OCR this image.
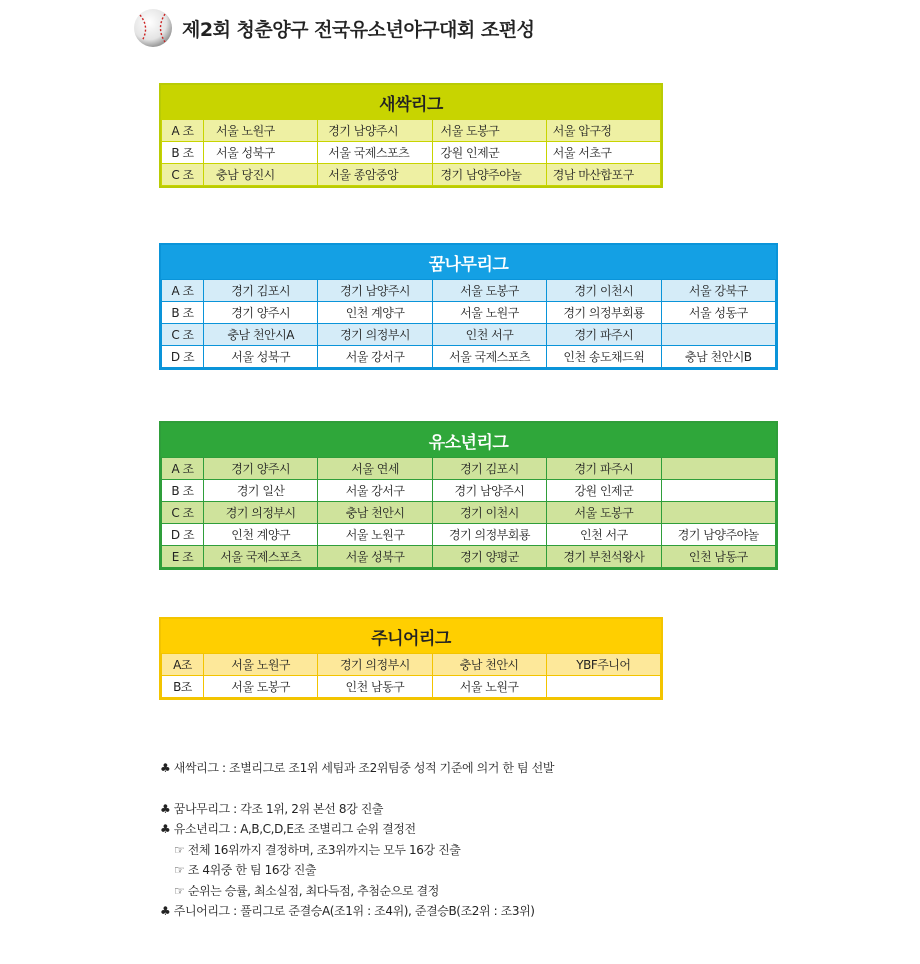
제2회 청춘양구 전국유소년야구대회 조편성
새싹리그
A 조	서울 노원구	경기 남양주시	서울 도봉구	서울 압구정
B 조	서울 성북구	서울 국제스포츠	강원 인제군	서울 서초구
C 조	충남 당진시	서울 종암중앙	경기 남양주야놀	경남 마산합포구
꿈나무리그
A 조	경기 김포시	경기 남양주시	서울 도봉구	경기 이천시	서울 강북구
B 조	경기 양주시	인천 계양구	서울 노원구	경기 의정부회룡	서울 성동구
C 조	충남 천안시A	경기 의정부시	인천 서구	경기 파주시	
D 조	서울 성북구	서울 강서구	서울 국제스포츠	인천 송도채드윅	충남 천안시B
유소년리그
A 조	경기 양주시	서울 연세	경기 김포시	경기 파주시	
B 조	경기 일산	서울 강서구	경기 남양주시	강원 인제군	
C 조	경기 의정부시	충남 천안시	경기 이천시	서울 도봉구	
D 조	인천 계양구	서울 노원구	경기 의정부회룡	인천 서구	경기 남양주야놀
E 조	서울 국제스포츠	서울 성북구	경기 양평군	경기 부천석왕사	인천 남동구
주니어리그
A조	서울 노원구	경기 의정부시	충남 천안시	YBF주니어
B조	서울 도봉구	인천 남동구	서울 노원구	
♣ 새싹리그 : 조별리그로 조1위 세팀과 조2위팀중 성적 기준에 의거 한 팀 선발
♣ 꿈나무리그 : 각조 1위, 2위 본선 8강 진출
♣ 유소년리그 : A,B,C,D,E조 조별리그 순위 결정전
☞ 전체 16위까지 결정하며, 조3위까지는 모두 16강 진출
☞ 조 4위중 한 팀 16강 진출
☞ 순위는 승률, 최소실점, 최다득점, 추첨순으로 결정
♣ 주니어리그 : 풀리그로 준결승A(조1위 : 조4위), 준결승B(조2위 : 조3위)
